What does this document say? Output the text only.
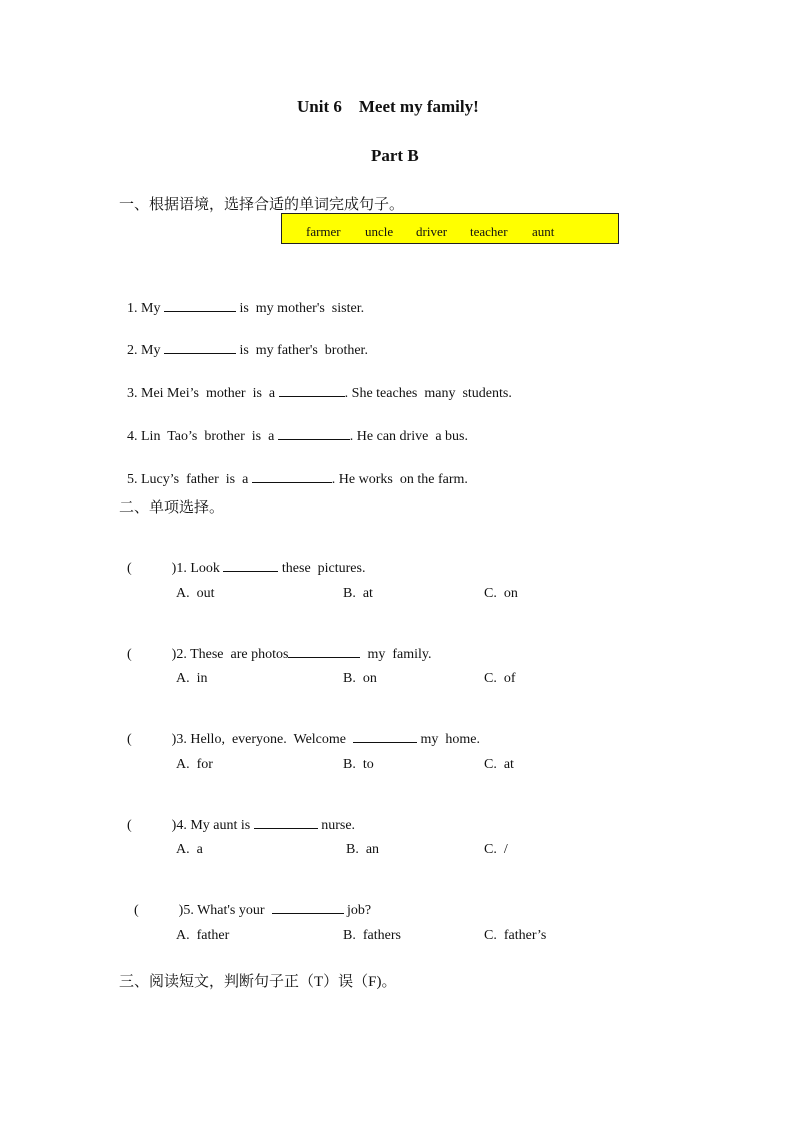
Unit 6    Meet my family!
Part B
一、根据语境，选择合适的单词完成句子。
farmer uncle driver teacher aunt

1. My	is  my mother's  sister.

2. My	is  my father's  brother.

3. Mei Mei’s  mother  is  a	. She teaches  many  students.

4. Lin  Tao’s  brother  is  a	. He can drive  a bus.

5. Lucy’s  father  is  a	. He works  on the farm.

二、单项选择。

(	)1. Look	these  pictures.

A.  out	B.  at	C.  on

(	)2. These  are photos	my  family.

A.  in	B.  on	C.  of

(	)3. Hello,  everyone.  Welcome	my  home.

A.  for	B.  to	C.  at

(	)4. My aunt is	nurse.

A.  a	B.  an	C.  /

(	)5. What's your	job?

A.  father	B.  fathers	C.  father’s
三、阅读短文，判断句子正（T）误（F)。
